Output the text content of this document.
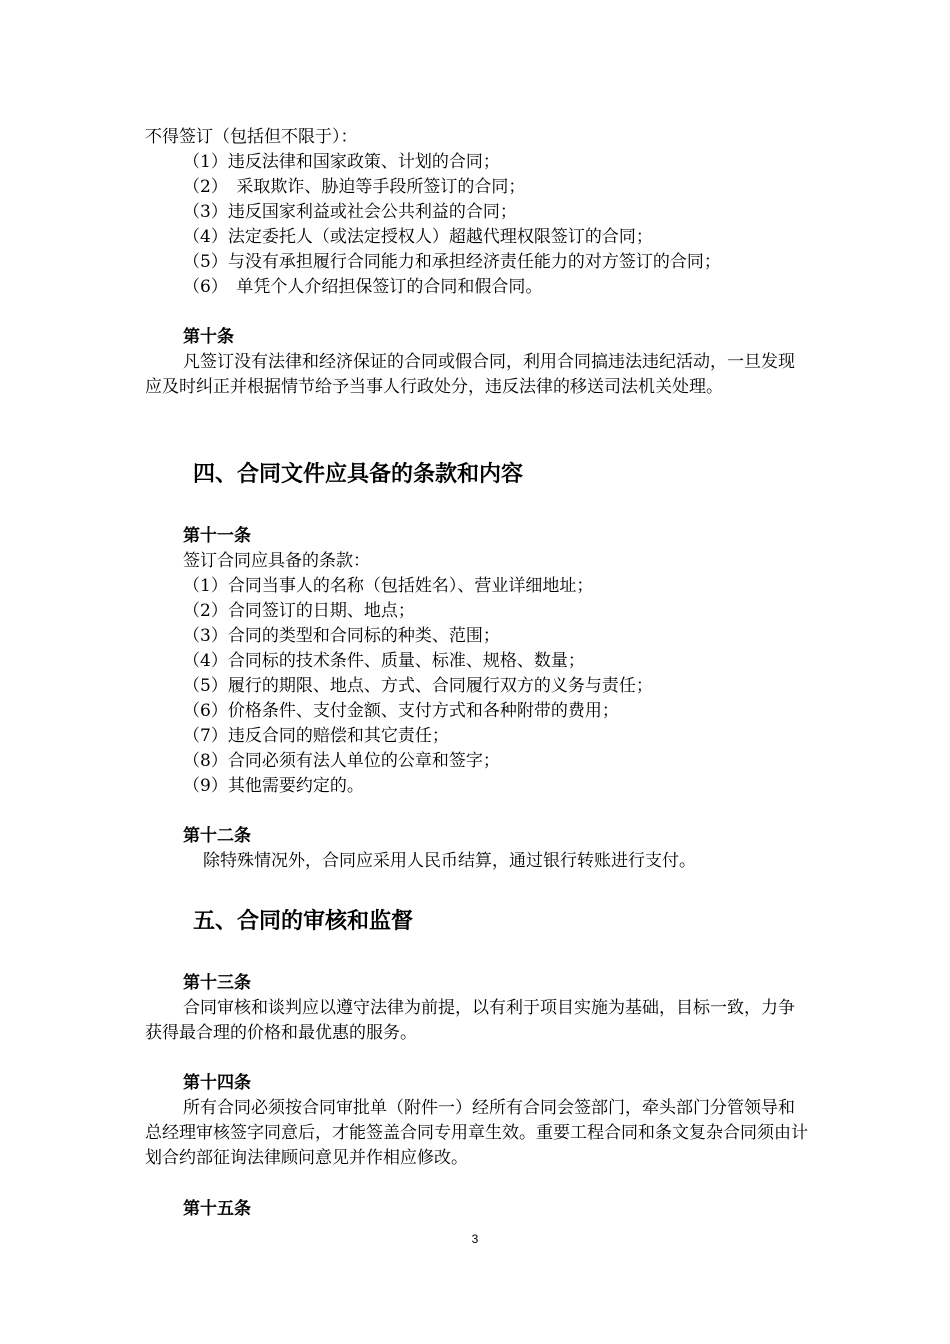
不得签订（包括但不限于）：
（1）违反法律和国家政策、计划的合同；
（2）　采取欺诈、胁迫等手段所签订的合同；
（3）违反国家利益或社会公共利益的合同；
（4）法定委托人（或法定授权人）超越代理权限签订的合同；
（5）与没有承担履行合同能力和承担经济责任能力的对方签订的合同；
（6）　单凭个人介绍担保签订的合同和假合同。
第十条
凡签订没有法律和经济保证的合同或假合同，利用合同搞违法违纪活动，一旦发现应及时纠正并根据情节给予当事人行政处分，违反法律的移送司法机关处理。
四、合同文件应具备的条款和内容
第十一条
签订合同应具备的条款：
（1）合同当事人的名称（包括姓名）、营业详细地址；
（2）合同签订的日期、地点；
（3）合同的类型和合同标的种类、范围；
（4）合同标的技术条件、质量、标准、规格、数量；
（5）履行的期限、地点、方式、合同履行双方的义务与责任；
（6）价格条件、支付金额、支付方式和各种附带的费用；
（7）违反合同的赔偿和其它责任；
（8）合同必须有法人单位的公章和签字；
（9）其他需要约定的。
第十二条
除特殊情况外，合同应采用人民币结算，通过银行转账进行支付。
五、合同的审核和监督
第十三条
合同审核和谈判应以遵守法律为前提，以有利于项目实施为基础，目标一致，力争获得最合理的价格和最优惠的服务。
第十四条
所有合同必须按合同审批单（附件一）经所有合同会签部门，牵头部门分管领导和总经理审核签字同意后，才能签盖合同专用章生效。重要工程合同和条文复杂合同须由计划合约部征询法律顾问意见并作相应修改。
第十五条
3
